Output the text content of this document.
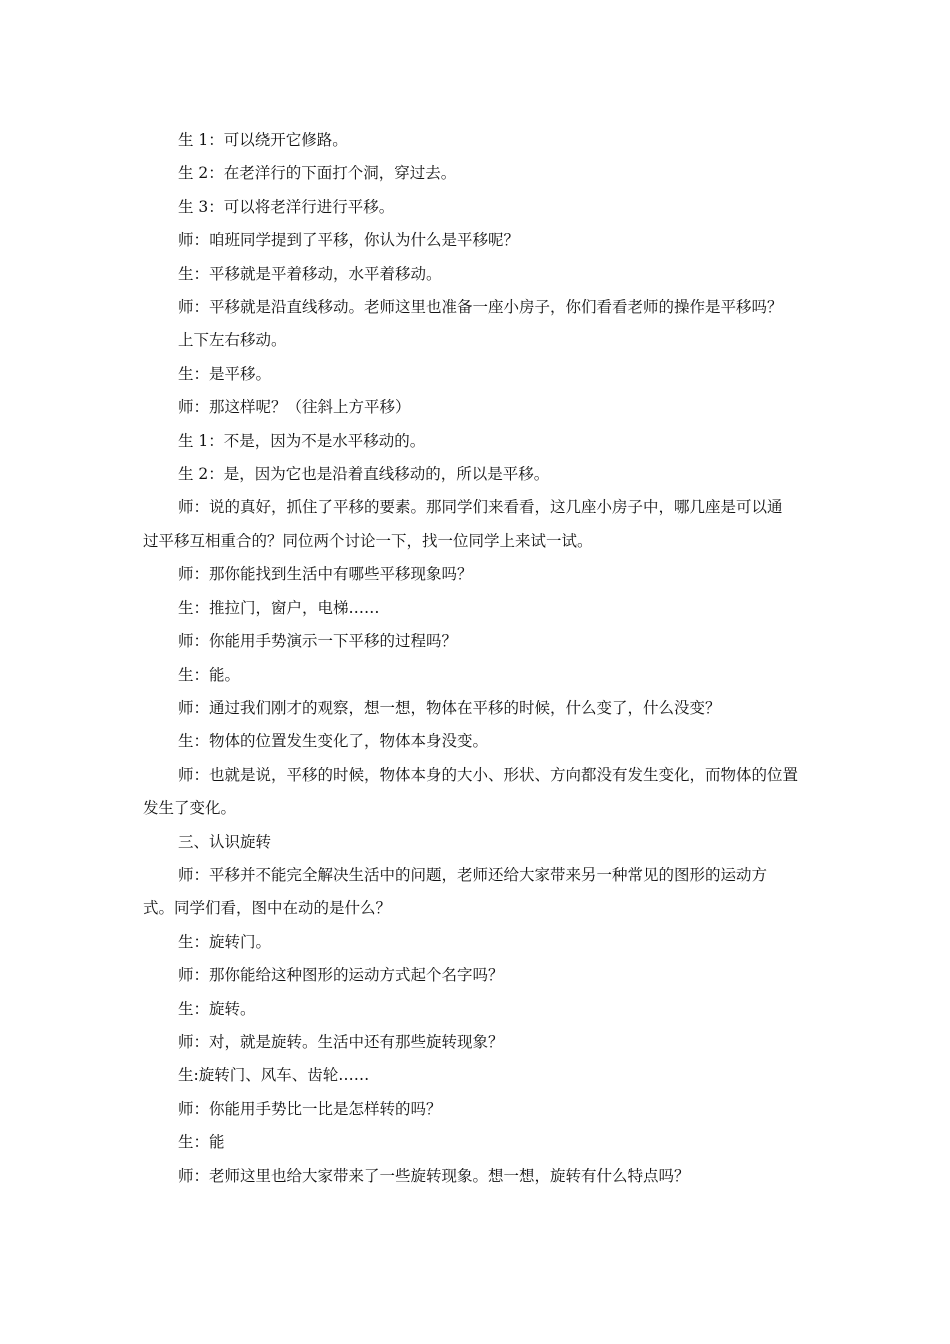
生 1：可以绕开它修路。
生 2：在老洋行的下面打个洞，穿过去。
生 3：可以将老洋行进行平移。
师：咱班同学提到了平移，你认为什么是平移呢？
生：平移就是平着移动，水平着移动。
师：平移就是沿直线移动。老师这里也准备一座小房子，你们看看老师的操作是平移吗？
上下左右移动。
生：是平移。
师：那这样呢？（往斜上方平移）
生 1：不是，因为不是水平移动的。
生 2：是，因为它也是沿着直线移动的，所以是平移。
师：说的真好，抓住了平移的要素。那同学们来看看，这几座小房子中，哪几座是可以通
过平移互相重合的？同位两个讨论一下，找一位同学上来试一试。
师：那你能找到生活中有哪些平移现象吗？
生：推拉门，窗户，电梯……
师：你能用手势演示一下平移的过程吗？
生：能。
师：通过我们刚才的观察，想一想，物体在平移的时候，什么变了，什么没变？
生：物体的位置发生变化了，物体本身没变。
师：也就是说，平移的时候，物体本身的大小、形状、方向都没有发生变化，而物体的位置
发生了变化。
三、认识旋转
师：平移并不能完全解决生活中的问题，老师还给大家带来另一种常见的图形的运动方
式。同学们看，图中在动的是什么？
生：旋转门。
师：那你能给这种图形的运动方式起个名字吗？
生：旋转。
师：对，就是旋转。生活中还有那些旋转现象？
生:旋转门、风车、齿轮……
师：你能用手势比一比是怎样转的吗？
生：能
师：老师这里也给大家带来了一些旋转现象。想一想，旋转有什么特点吗？
